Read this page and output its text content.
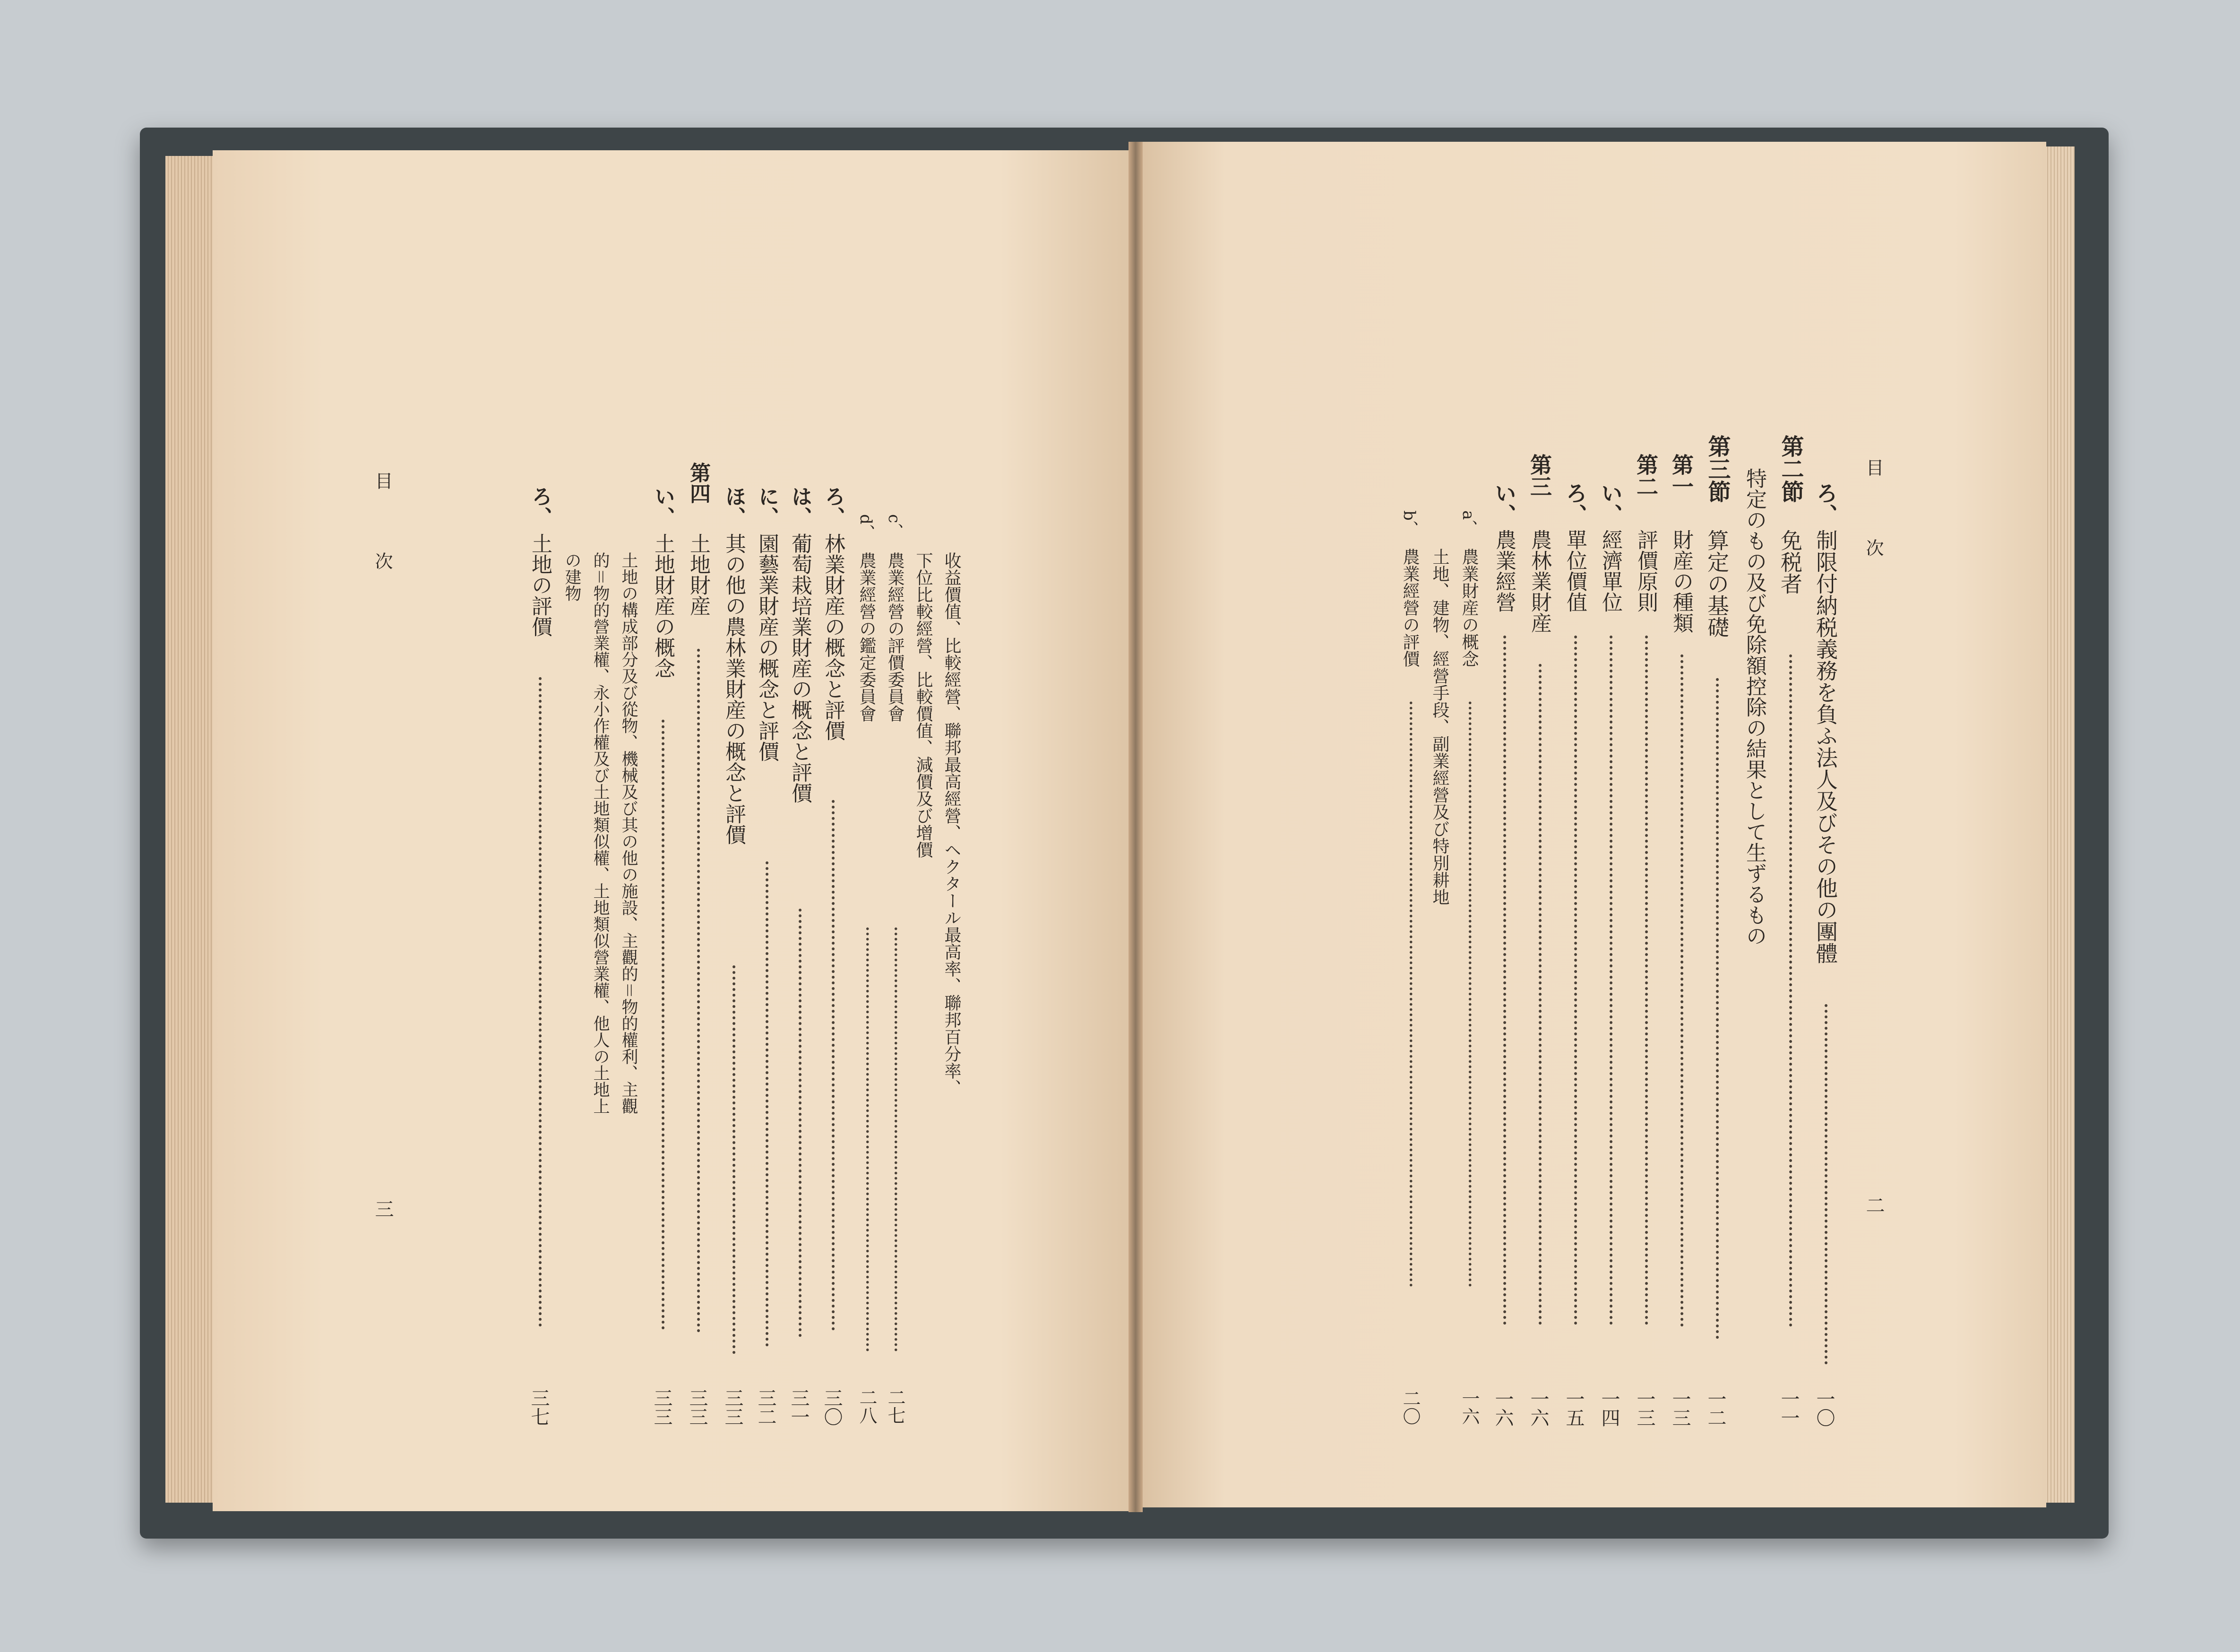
收益價值、比較經營、聯邦最高經營、ヘクタール最高率、聯邦百分率、
下位比較經營、比較價值、減價及び增價
c、
農業經營の評價委員會
･･････････････････････････････････････････････････････････････････････････････････
二七
d、
農業經營の鑑定委員會
･･････････････････････････････････････････････････････････････････････････････････
二八
ろ、
林業財産の概念と評價
･･････････････････････････････････････････････････････････････････････････････････････････････
三〇
は、
葡萄栽培業財産の概念と評價
････････････････････････････････････････････････････････････････････････････
三一
に、
園藝業財産の概念と評價
･･････････････････････････････････････････････････････････････････････････････････････
三二
ほ、
其の他の農林業財産の概念と評價
･････････････････････････････････････････････････････････････････････
三三
第四
土地財産
･････････････････････････････････････････････････････････････････････････････････････････････････････････････････････････
三三
い、
土地財産の概念
････････････････････････････････････････････････････････････････････････････････････････････････････････････
三三
土地の構成部分及び從物、機械及び其の他の施設、主觀的＝物的權利、主觀
的＝物的營業權、永小作權及び土地類似權、土地類似營業權、他人の土地上
の建物
ろ、
土地の評價
･･･････････････････････････････････････････････････････････････････････････････････････････････････････････････････
三七
目 次
三
目 次
二
ろ、
制限付納税義務を負ふ法人及びその他の團體
････････････････････････････････････････････････････････････････
一〇
第二節
免税者
･･･････････････････････････････････････････････････････････････････････････････････････････････････････････････････････
一一
特定のもの及び免除額控除の結果として生ずるもの
第三節
算定の基礎
･････････････････････････････････････････････････････････････････････････････････････････････････････････････････････
一二
第一
財産の種類
･･･････････････････････････････････････････････････････････････････････････････････････････････････････････････････････
一三
第二
評價原則
･･････････････････････････････････････････････････････････････････････････････････････････････････････････････････････････
一三
い、
經濟單位
･･････････････････････････････････････････････････････････････････････････････････････････････････････････････････････････
一四
ろ、
單位價值
･･････････････････････････････････････････････････････････････････････････････････････････････････････････････････････････
一五
第三
農林業財産
･････････････････････････････････････････････････････････････････････････････････････････････････････････････････････
一六
い、
農業經營
･･････････････････････････････････････････････････････････････････････････････････････････････････････････････････････････
一六
a、
農業財産の概念
･････････････････････････････････････････････････････････････････････････････････････････････････････････････････
一六
土地、建物、經營手段、副業經營及び特別耕地
b、
農業經營の評價
･････････････････････････････････････････････････････････････････････････････････････････････････････････････････
二〇
